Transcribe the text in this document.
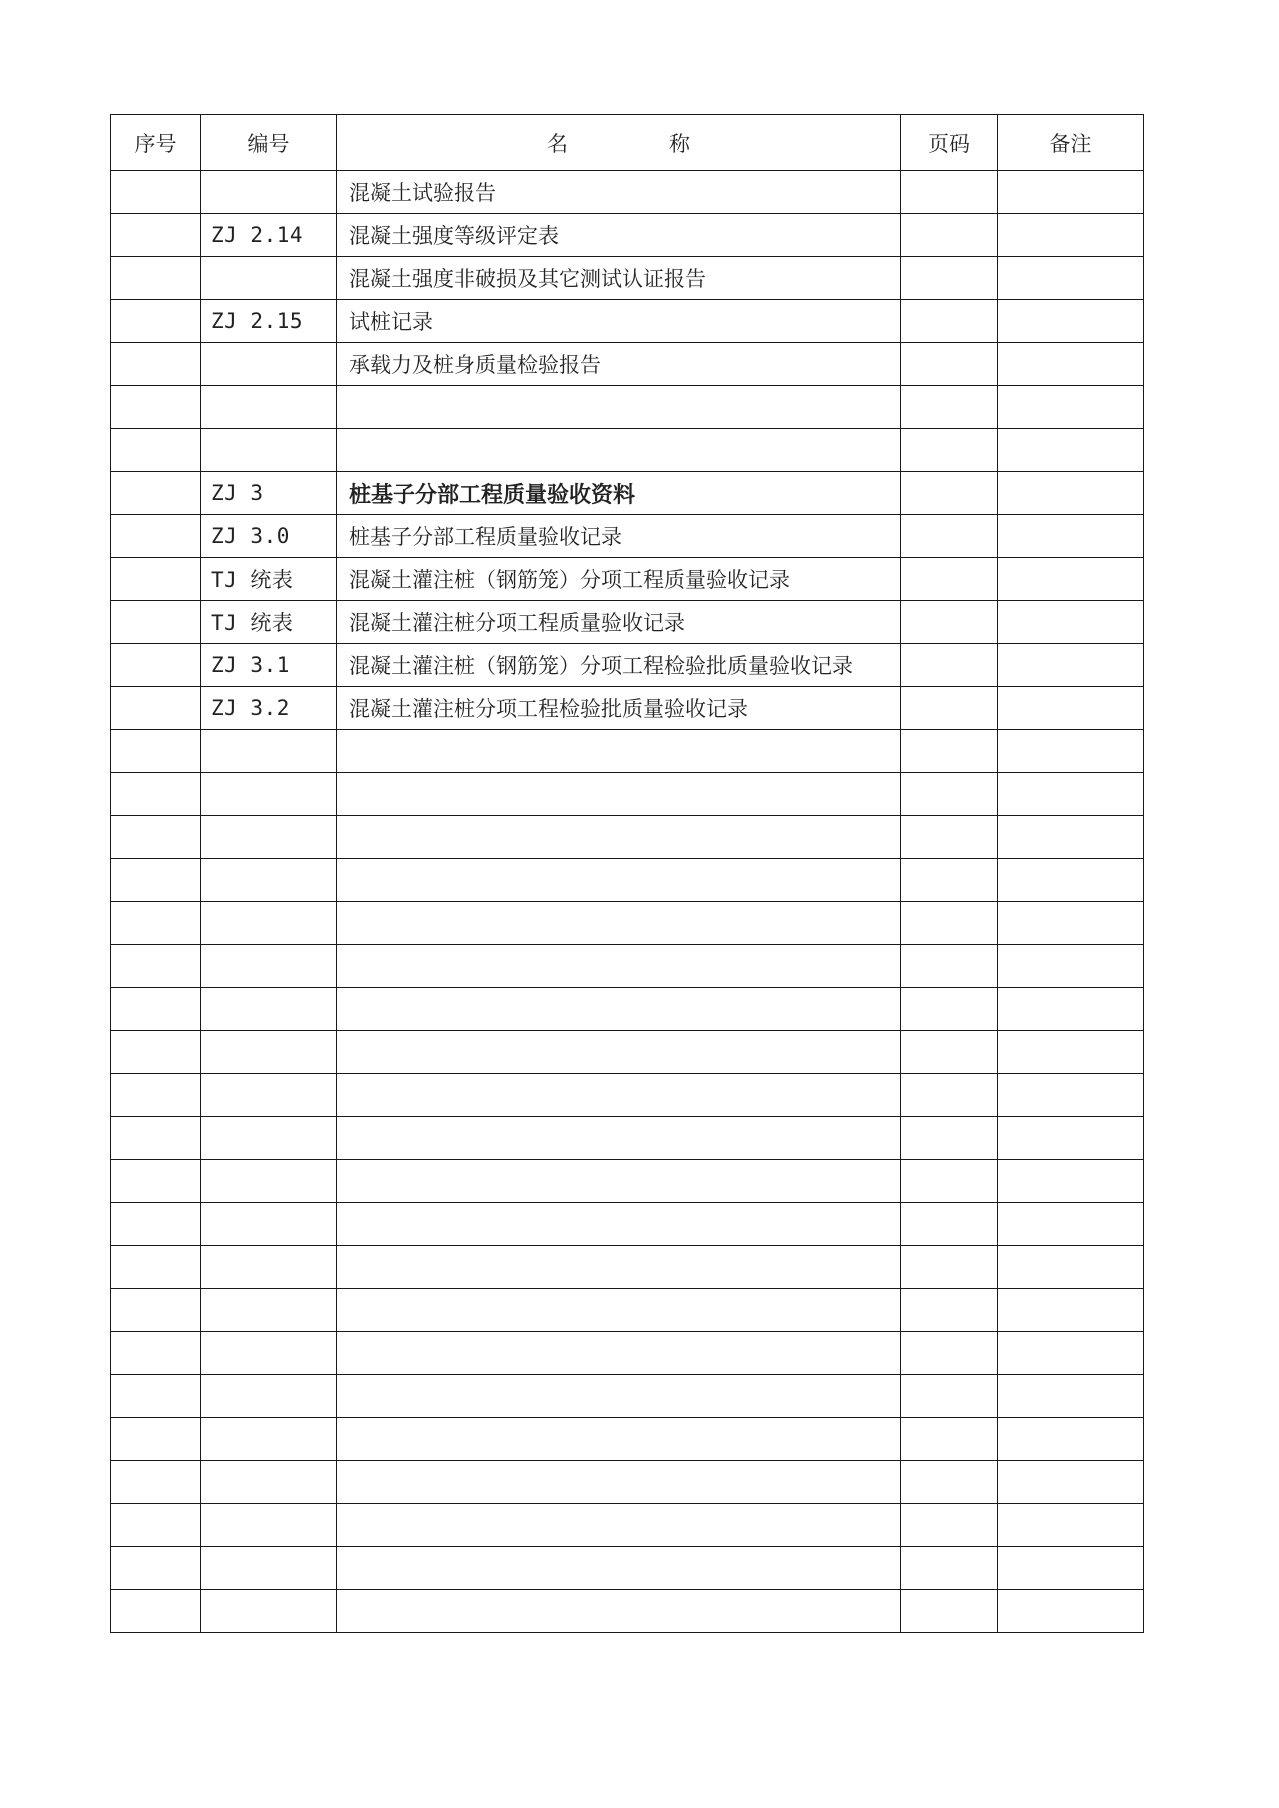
序号	编号	名　称	页码	备注
		混凝土试验报告		
	ZJ 2.14	混凝土强度等级评定表		
		混凝土强度非破损及其它测试认证报告		
	ZJ 2.15	试桩记录		
		承载力及桩身质量检验报告		

	ZJ 3	桩基子分部工程质量验收资料		
	ZJ 3.0	桩基子分部工程质量验收记录		
	TJ 统表	混凝土灌注桩（钢筋笼）分项工程质量验收记录		
	TJ 统表	混凝土灌注桩分项工程质量验收记录		
	ZJ 3.1	混凝土灌注桩（钢筋笼）分项工程检验批质量验收记录		
	ZJ 3.2	混凝土灌注桩分项工程检验批质量验收记录		
